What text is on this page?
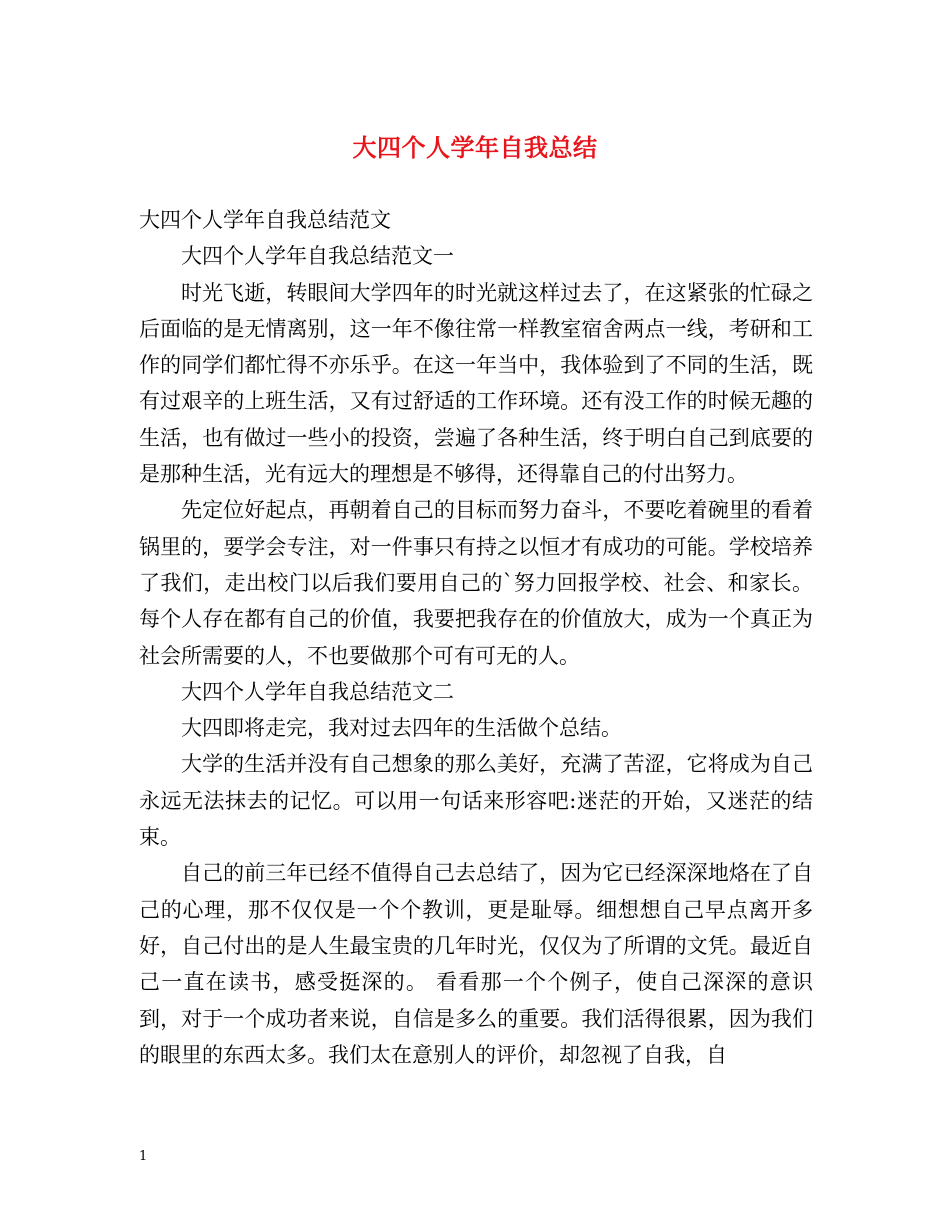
大四个人学年自我总结

大四个人学年自我总结范文

大四个人学年自我总结范文一

时光飞逝，转眼间大学四年的时光就这样过去了，在这紧张的忙碌之后面临的是无情离别，这一年不像往常一样教室宿舍两点一线，考研和工作的同学们都忙得不亦乐乎。在这一年当中，我体验到了不同的生活，既有过艰辛的上班生活，又有过舒适的工作环境。还有没工作的时候无趣的生活，也有做过一些小的投资，尝遍了各种生活，终于明白自己到底要的是那种生活，光有远大的理想是不够得，还得靠自己的付出努力。

先定位好起点，再朝着自己的目标而努力奋斗，不要吃着碗里的看着锅里的，要学会专注，对一件事只有持之以恒才有成功的可能。学校培养了我们，走出校门以后我们要用自己的`努力回报学校、社会、和家长。每个人存在都有自己的价值，我要把我存在的价值放大，成为一个真正为社会所需要的人，不也要做那个可有可无的人。

大四个人学年自我总结范文二

大四即将走完，我对过去四年的生活做个总结。

大学的生活并没有自己想象的那么美好，充满了苦涩，它将成为自己永远无法抹去的记忆。可以用一句话来形容吧:迷茫的开始，又迷茫的结束。

自己的前三年已经不值得自己去总结了，因为它已经深深地烙在了自己的心理，那不仅仅是一个个教训，更是耻辱。细想想自己早点离开多好，自己付出的是人生最宝贵的几年时光，仅仅为了所谓的文凭。最近自己一直在读书，感受挺深的。 看看那一个个例子，使自己深深的意识到，对于一个成功者来说，自信是多么的重要。我们活得很累，因为我们的眼里的东西太多。我们太在意别人的评价，却忽视了自我，自

1
